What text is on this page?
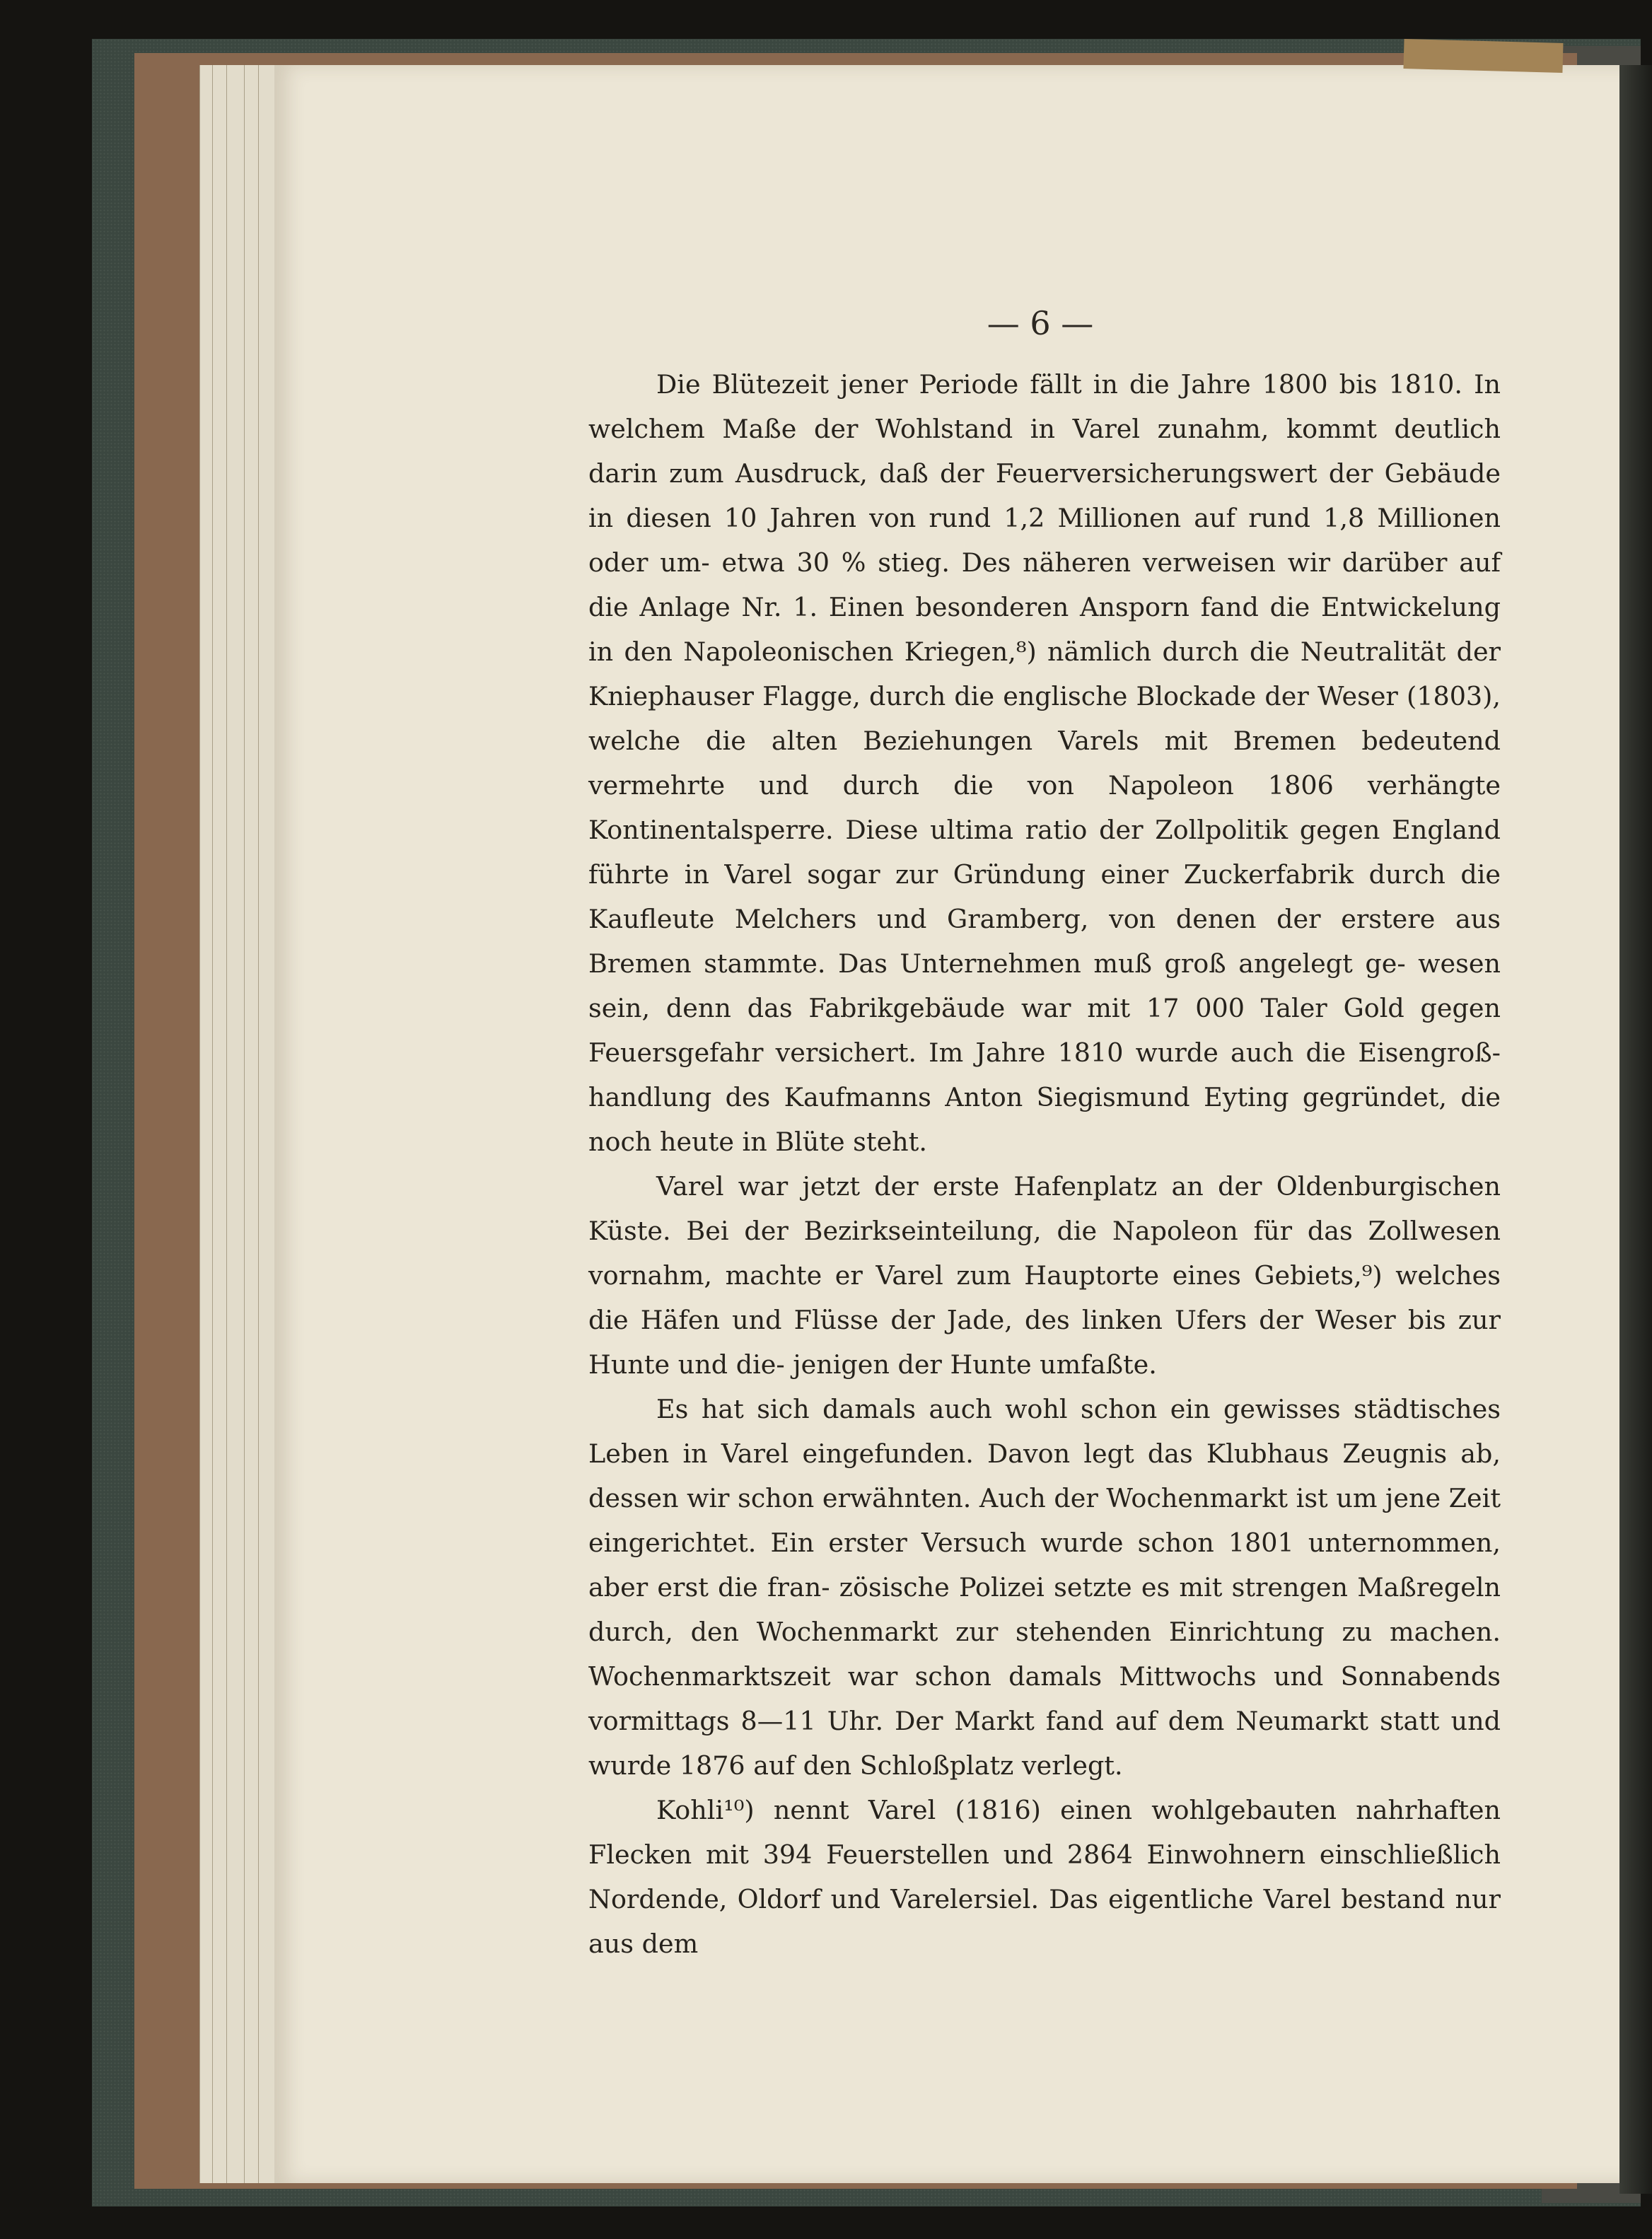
— 6 —

Die Blütezeit jener Periode fällt in die Jahre 1800 bis 1810. In welchem Maße der Wohlstand in Varel zunahm, kommt deutlich darin zum Ausdruck, daß der Feuerversicherungswert der Gebäude in diesen 10 Jahren von rund 1,2 Millionen auf rund 1,8 Millionen oder um- etwa 30 % stieg. Des näheren verweisen wir darüber auf die Anlage Nr. 1. Einen besonderen Ansporn fand die Entwickelung in den Napoleonischen Kriegen,⁸) nämlich durch die Neutralität der Kniephauser Flagge, durch die englische Blockade der Weser (1803), welche die alten Beziehungen Varels mit Bremen bedeutend vermehrte und durch die von Napoleon 1806 verhängte Kontinentalsperre. Diese ultima ratio der Zollpolitik gegen England führte in Varel sogar zur Gründung einer Zuckerfabrik durch die Kaufleute Melchers und Gramberg, von denen der erstere aus Bremen stammte. Das Unternehmen muß groß angelegt ge- wesen sein, denn das Fabrikgebäude war mit 17 000 Taler Gold gegen Feuersgefahr versichert. Im Jahre 1810 wurde auch die Eisengroß- handlung des Kaufmanns Anton Siegismund Eyting gegründet, die noch heute in Blüte steht.

Varel war jetzt der erste Hafenplatz an der Oldenburgischen Küste. Bei der Bezirkseinteilung, die Napoleon für das Zollwesen vornahm, machte er Varel zum Hauptorte eines Gebiets,⁹) welches die Häfen und Flüsse der Jade, des linken Ufers der Weser bis zur Hunte und die- jenigen der Hunte umfaßte.

Es hat sich damals auch wohl schon ein gewisses städtisches Leben in Varel eingefunden. Davon legt das Klubhaus Zeugnis ab, dessen wir schon erwähnten. Auch der Wochenmarkt ist um jene Zeit eingerichtet. Ein erster Versuch wurde schon 1801 unternommen, aber erst die fran- zösische Polizei setzte es mit strengen Maßregeln durch, den Wochenmarkt zur stehenden Einrichtung zu machen. Wochenmarktszeit war schon damals Mittwochs und Sonnabends vormittags 8—11 Uhr. Der Markt fand auf dem Neumarkt statt und wurde 1876 auf den Schloßplatz verlegt.

Kohli¹⁰) nennt Varel (1816) einen wohlgebauten nahrhaften Flecken mit 394 Feuerstellen und 2864 Einwohnern einschließlich Nordende, Oldorf und Varelersiel. Das eigentliche Varel bestand nur aus dem
